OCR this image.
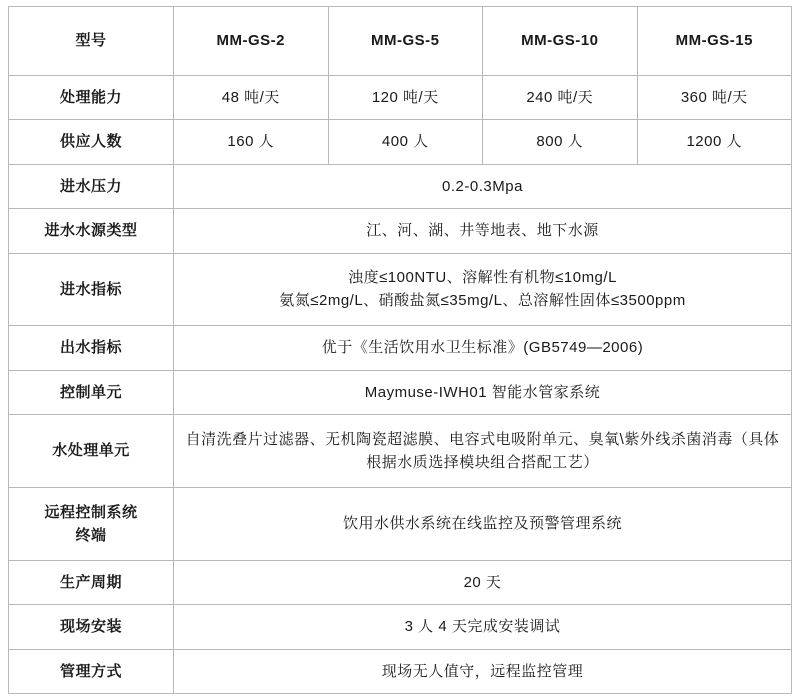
型号	MM-GS-2	MM-GS-5	MM-GS-10	MM-GS-15
处理能力	48 吨/天	120 吨/天	240 吨/天	360 吨/天
供应人数	160 人	400 人	800 人	1200 人
进水压力	0.2-0.3Mpa			
进水水源类型	江、河、湖、井等地表、地下水源			
进水指标	浊度≤100NTU、溶解性有机物≤10mg/L
氨氮≤2mg/L、硝酸盐氮≤35mg/L、总溶解性固体≤3500ppm			

出水指标	优于《生活饮用水卫生标准》(GB5749—2006)			
控制单元	Maymuse-IWH01 智能水管家系统			
水处理单元	自清洗叠片过滤器、无机陶瓷超滤膜、电容式电吸附单元、臭氧\紫外线杀菌消毒（具体根据水质选择模块组合搭配工艺）			

远程控制系统
终端	饮用水供水系统在线监控及预警管理系统			
生产周期	20 天			
现场安装	3 人 4 天完成安装调试			
管理方式	现场无人值守，远程监控管理			
